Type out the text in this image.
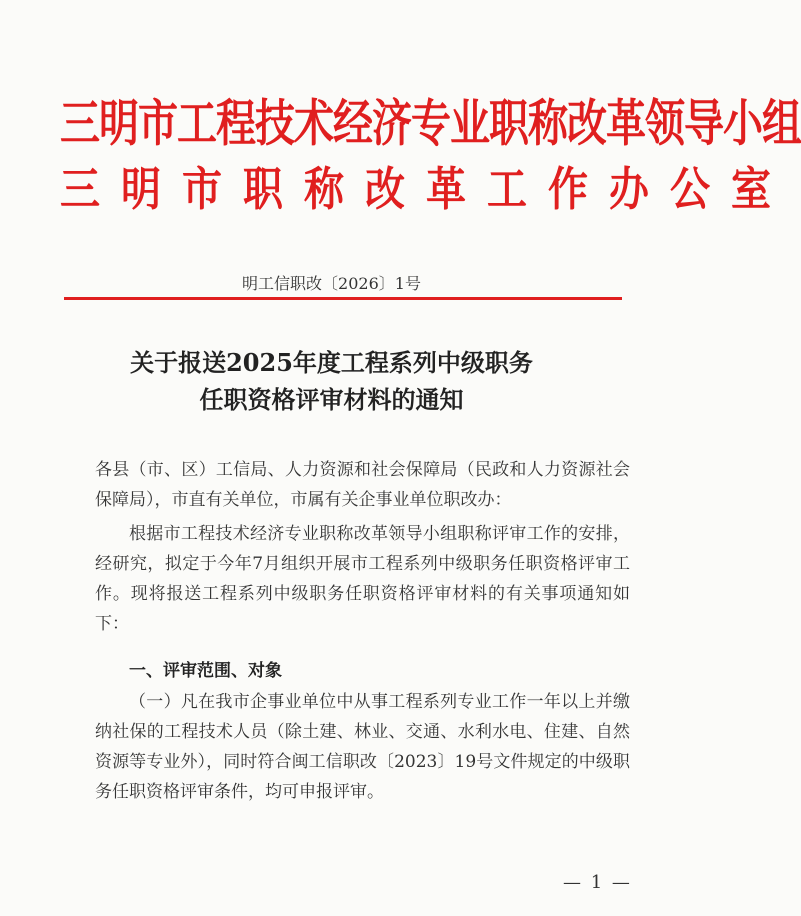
三明市工程技术经济专业职称改革领导小组
三明市职称改革工作办公室
明工信职改〔2026〕1号
关于报送2025年度工程系列中级职务
任职资格评审材料的通知

各县（市、区）工信局、人力资源和社会保障局（民政和人力资源社会保障局），市直有关单位，市属有关企事业单位职改办：

根据市工程技术经济专业职称改革领导小组职称评审工作的安排，经研究，拟定于今年7月组织开展市工程系列中级职务任职资格评审工作。现将报送工程系列中级职务任职资格评审材料的有关事项通知如下：

一、评审范围、对象

（一）凡在我市企事业单位中从事工程系列专业工作一年以上并缴纳社保的工程技术人员（除土建、林业、交通、水利水电、住建、自然资源等专业外），同时符合闽工信职改〔2023〕19号文件规定的中级职务任职资格评审条件，均可申报评审。

— 1 —
